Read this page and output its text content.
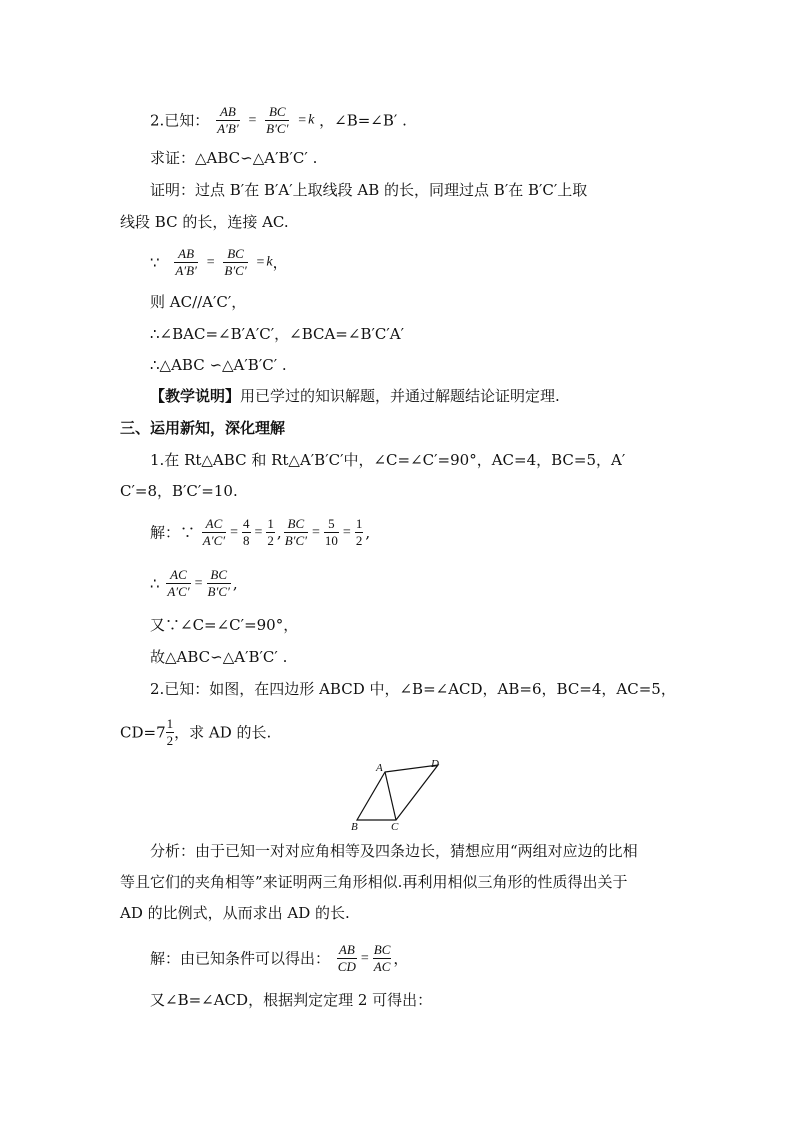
2.已知： $\frac{AB}{A'B'} = \frac{BC}{B'C'} = k$ ，∠B=∠B′ .
求证：△ABC∽△A′B′C′ .
证明：过点 B′在 B′A′上取线段 AB 的长，同理过点 B′在 B′C′上取
线段 BC 的长，连接 AC.
∵ $\frac{AB}{A'B'} = \frac{BC}{B'C'} = k$，
则 AC//A′C′，
∴∠BAC=∠B′A′C′，∠BCA=∠B′C′A′
∴△ABC ∽△A′B′C′ .
【教学说明】用已学过的知识解题，并通过解题结论证明定理.
三、运用新知，深化理解
1.在 Rt△ABC 和 Rt△A′B′C′中，∠C=∠C′=90°，AC=4，BC=5，A′
C′=8，B′C′=10.
解：∵ $\frac{AC}{A'C'} = \frac{4}{8} = \frac{1}{2}$ , $\frac{BC}{B'C'} = \frac{5}{10} = \frac{1}{2}$ ,
∴ $\frac{AC}{A'C'} = \frac{BC}{B'C'}$ ,
又∵∠C=∠C′=90°，
故△ABC∽△A′B′C′ .
2.已知：如图，在四边形 ABCD 中，∠B=∠ACD，AB=6，BC=4，AC=5，
$CD=7 \frac{1}{2}$ ，求 AD 的长.
A	D
B	C
分析：由于已知一对对应角相等及四条边长，猜想应用“两组对应边的比相
等且它们的夹角相等”来证明两三角形相似.再利用相似三角形的性质得出关于
AD 的比例式，从而求出 AD 的长.
解：由已知条件可以得出： $\frac{AB}{CD} = \frac{BC}{AC}$ ，
又∠B=∠ACD，根据判定定理 2 可得出：
